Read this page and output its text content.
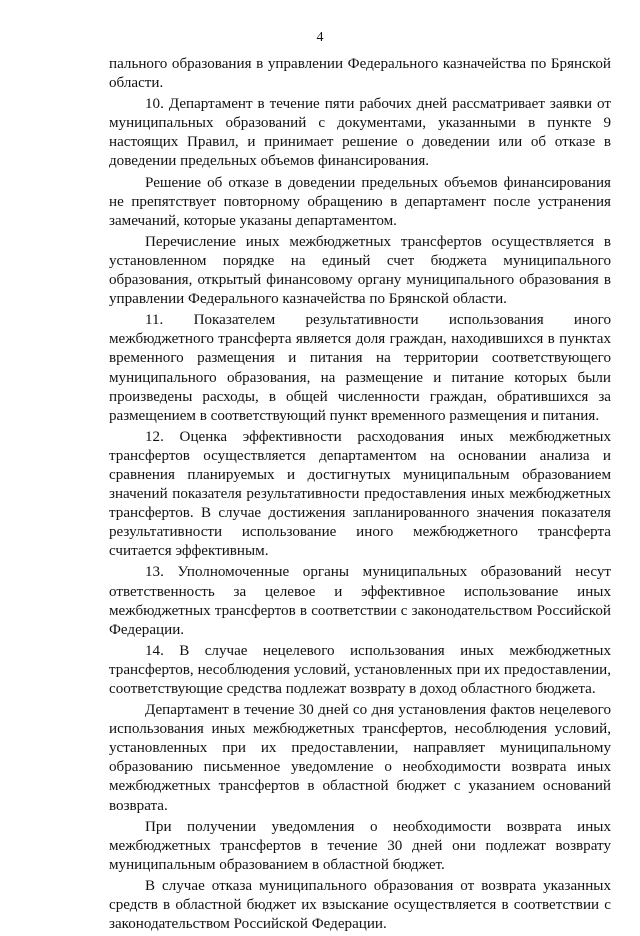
4

пального образования в управлении Федерального казначейства по Брянской области.

10. Департамент в течение пяти рабочих дней рассматривает заявки от муниципальных образований с документами, указанными в пункте 9 настоящих Правил, и принимает решение о доведении или об отказе в доведении предельных объемов финансирования.

Решение об отказе в доведении предельных объемов финансирования не препятствует повторному обращению в департамент после устранения замечаний, которые указаны департаментом.

Перечисление иных межбюджетных трансфертов осуществляется в установленном порядке на единый счет бюджета муниципального образования, открытый финансовому органу муниципального образования в управлении Федерального казначейства по Брянской области.

11. Показателем результативности использования иного межбюджетного трансферта является доля граждан, находившихся в пунктах временного размещения и питания на территории соответствующего муниципального образования, на размещение и питание которых были произведены расходы, в общей численности граждан, обратившихся за размещением в соответствующий пункт временного размещения и питания.

12. Оценка эффективности расходования иных межбюджетных трансфертов осуществляется департаментом на основании анализа и сравнения планируемых и достигнутых муниципальным образованием значений показателя результативности предоставления иных межбюджетных трансфертов. В случае достижения запланированного значения показателя результативности использование иного межбюджетного трансферта считается эффективным.

13. Уполномоченные органы муниципальных образований несут ответственность за целевое и эффективное использование иных межбюджетных трансфертов в соответствии с законодательством Российской Федерации.

14. В случае нецелевого использования иных межбюджетных трансфертов, несоблюдения условий, установленных при их предоставлении, соответствующие средства подлежат возврату в доход областного бюджета.

Департамент в течение 30 дней со дня установления фактов нецелевого использования иных межбюджетных трансфертов, несоблюдения условий, установленных при их предоставлении, направляет муниципальному образованию письменное уведомление о необходимости возврата иных межбюджетных трансфертов в областной бюджет с указанием оснований возврата.

При получении уведомления о необходимости возврата иных межбюджетных трансфертов в течение 30 дней они подлежат возврату муниципальным образованием в областной бюджет.

В случае отказа муниципального образования от возврата указанных средств в областной бюджет их взыскание осуществляется в соответствии с законодательством Российской Федерации.
